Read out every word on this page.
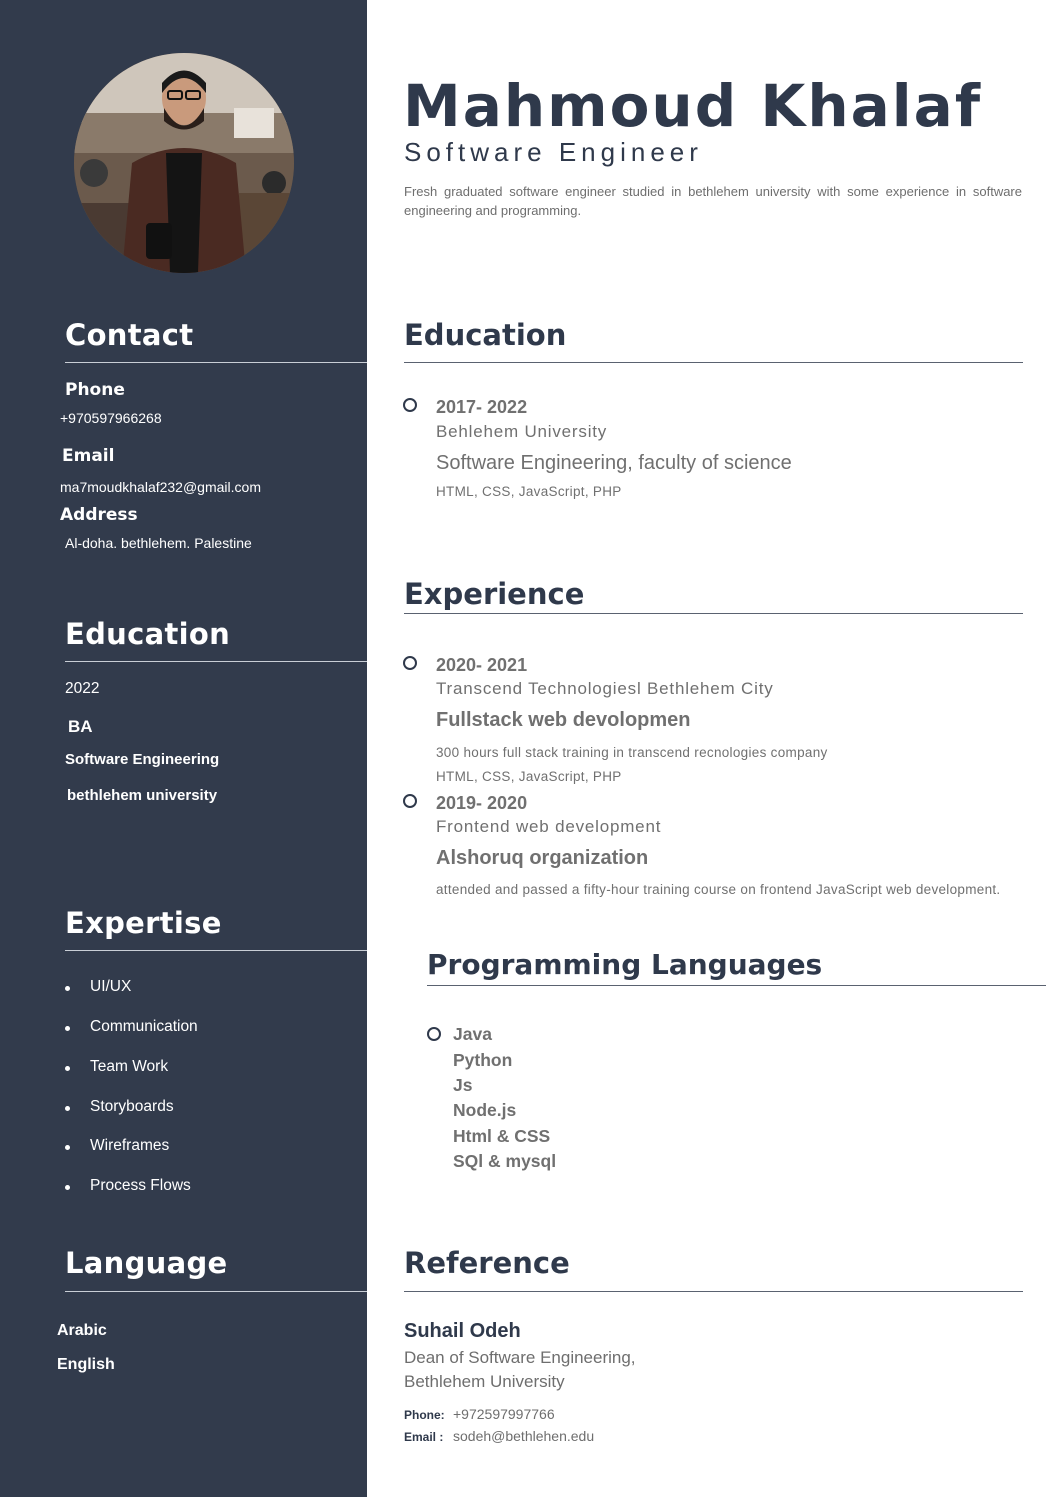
Contact
Phone
+970597966268
Email
ma7moudkhalaf232@gmail.com
Address
Al-doha. bethlehem. Palestine
Education
2022
BA
Software Engineering
bethlehem university
Expertise
UI/UX
Communication
Team Work
Storyboards
Wireframes
Process Flows
Language
Arabic
English
Mahmoud Khalaf
Software Engineer
Fresh graduated software engineer studied in bethlehem university with some experience in software engineering and programming.
Education
2017- 2022
Behlehem University
Software Engineering, faculty of science
HTML, CSS, JavaScript, PHP
Experience
2020- 2021
Transcend Technologiesl Bethlehem City
Fullstack web devolopmen
300 hours full stack training in transcend recnologies company
HTML, CSS, JavaScript, PHP
2019- 2020
Frontend web development
Alshoruq organization
attended and passed a fifty-hour training course on frontend JavaScript web development.
Programming Languages
Java
Python
Js
Node.js
Html & CSS
SQl & mysql
Reference
Suhail Odeh
Dean of Software Engineering,
Bethlehem University
Phone: +972597997766
Email : sodeh@bethlehen.edu
